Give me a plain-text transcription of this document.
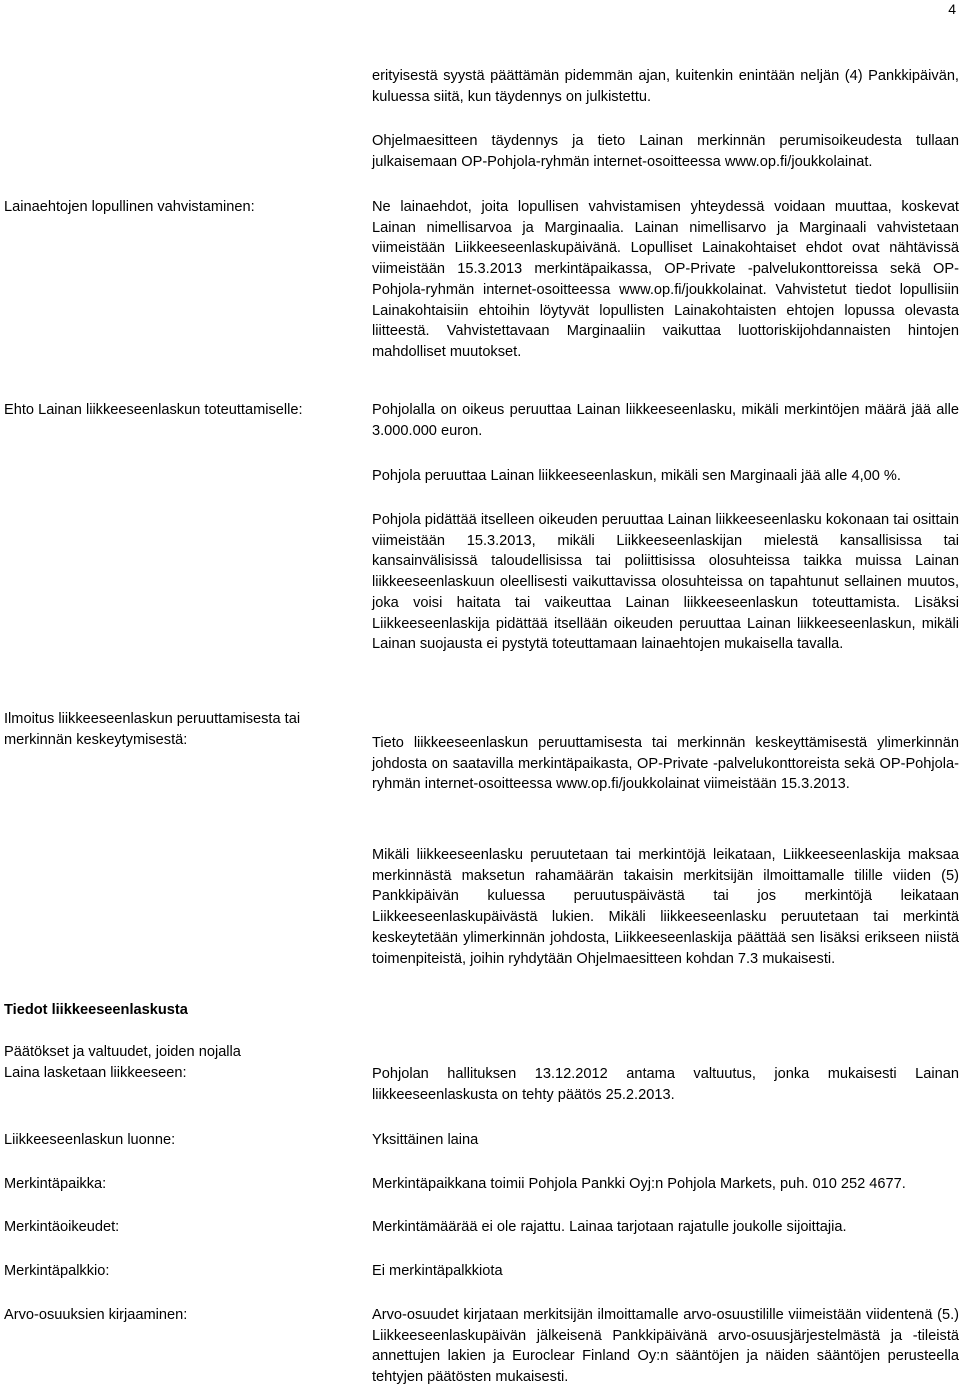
4
erityisestä syystä päättämän pidemmän ajan, kuitenkin enintään neljän (4) Pankkipäivän, kuluessa siitä, kun täydennys on julkistettu.
Ohjelmaesitteen täydennys ja tieto Lainan merkinnän perumisoikeudesta tullaan julkaisemaan OP-Pohjola-ryhmän internet-osoitteessa www.op.fi/joukkolainat.
Lainaehtojen lopullinen vahvistaminen:	Ne lainaehdot, joita lopullisen vahvistamisen yhteydessä voidaan muuttaa, koskevat Lainan nimellisarvoa ja Marginaalia. Lainan nimellisarvo ja Marginaali vahvistetaan viimeistään Liikkeeseenlaskupäivänä. Lopulliset Lainakohtaiset ehdot ovat nähtävissä viimeistään 15.3.2013 merkintäpaikassa, OP-Private -palvelukonttoreissa sekä OP-Pohjola-ryhmän internet-osoitteessa www.op.fi/joukkolainat. Vahvistetut tiedot lopullisiin Lainakohtaisiin ehtoihin löytyvät lopullisten Lainakohtaisten ehtojen lopussa olevasta liitteestä. Vahvistettavaan Marginaaliin vaikuttaa luottoriskijohdannaisten hintojen mahdolliset muutokset.
Ehto Lainan liikkeeseenlaskun toteuttamiselle:	Pohjolalla on oikeus peruuttaa Lainan liikkeeseenlasku, mikäli merkintöjen määrä jää alle 3.000.000 euron.
Pohjola peruuttaa Lainan liikkeeseenlaskun, mikäli sen Marginaali jää alle 4,00 %.
Pohjola pidättää itselleen oikeuden peruuttaa Lainan liikkeeseenlasku kokonaan tai osittain viimeistään 15.3.2013, mikäli Liikkeeseenlaskijan mielestä kansallisissa tai kansainvälisissä taloudellisissa tai poliittisissa olosuhteissa taikka muissa Lainan liikkeeseenlaskuun oleellisesti vaikuttavissa olosuhteissa on tapahtunut sellainen muutos, joka voisi haitata tai vaikeuttaa Lainan liikkeeseenlaskun toteuttamista. Lisäksi Liikkeeseenlaskija pidättää itsellään oikeuden peruuttaa Lainan liikkeeseenlaskun, mikäli Lainan suojausta ei pystytä toteuttamaan lainaehtojen mukaisella tavalla.
Ilmoitus liikkeeseenlaskun peruuttamisesta tai merkinnän keskeytymisestä:	Tieto liikkeeseenlaskun peruuttamisesta tai merkinnän keskeyttämisestä ylimerkinnän johdosta on saatavilla merkintäpaikasta, OP-Private -palvelukonttoreista sekä OP-Pohjola-ryhmän internet-osoitteessa www.op.fi/joukkolainat viimeistään 15.3.2013.
Mikäli liikkeeseenlasku peruutetaan tai merkintöjä leikataan, Liikkeeseenlaskija maksaa merkinnästä maksetun rahamäärän takaisin merkitsijän ilmoittamalle tilille viiden (5) Pankkipäivän kuluessa peruutuspäivästä tai jos merkintöjä leikataan Liikkeeseenlaskupäivästä lukien. Mikäli liikkeeseenlasku peruutetaan tai merkintä keskeytetään ylimerkinnän johdosta, Liikkeeseenlaskija päättää sen lisäksi erikseen niistä toimenpiteistä, joihin ryhdytään Ohjelmaesitteen kohdan 7.3 mukaisesti.
Tiedot liikkeeseenlaskusta
Päätökset ja valtuudet, joiden nojalla Laina lasketaan liikkeeseen:	Pohjolan hallituksen 13.12.2012 antama valtuutus, jonka mukaisesti Lainan liikkeeseenlaskusta on tehty päätös 25.2.2013.
Liikkeeseenlaskun luonne:	Yksittäinen laina
Merkintäpaikka:	Merkintäpaikkana toimii Pohjola Pankki Oyj:n Pohjola Markets, puh. 010 252 4677.
Merkintäoikeudet:	Merkintämäärää ei ole rajattu. Lainaa tarjotaan rajatulle joukolle sijoittajia.
Merkintäpalkkio:	Ei merkintäpalkkiota
Arvo-osuuksien kirjaaminen:	Arvo-osuudet kirjataan merkitsijän ilmoittamalle arvo-osuustilille viimeistään viidentenä (5.) Liikkeeseenlaskupäivän jälkeisenä Pankkipäivänä arvo-osuusjärjestelmästä ja -tileistä annettujen lakien ja Euroclear Finland Oy:n sääntöjen ja näiden sääntöjen perusteella tehtyjen päätösten mukaisesti.
